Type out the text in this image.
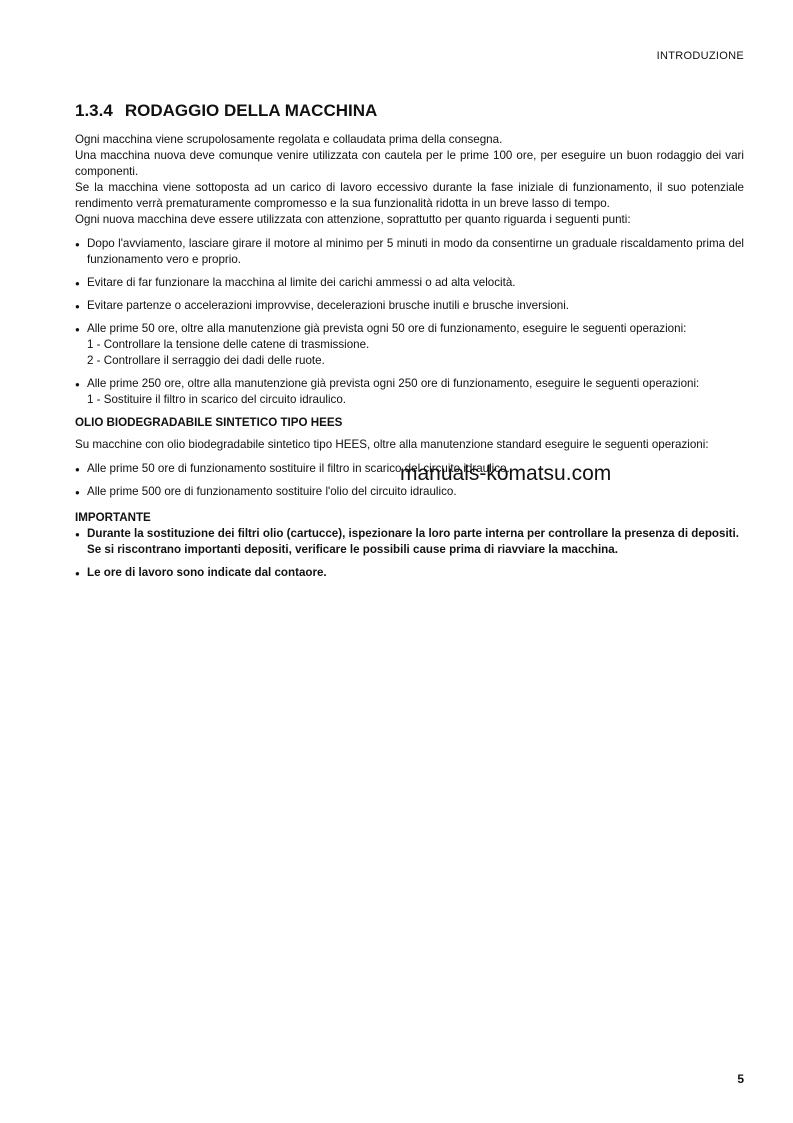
INTRODUZIONE
manuals-komatsu.com
1.3.4 RODAGGIO DELLA MACCHINA

Ogni macchina viene scrupolosamente regolata e collaudata prima della consegna.

Una macchina nuova deve comunque venire utilizzata con cautela per le prime 100 ore, per eseguire un buon rodaggio dei vari componenti.

Se la macchina viene sottoposta ad un carico di lavoro eccessivo durante la fase iniziale di funzionamento, il suo potenziale rendimento verrà prematuramente compromesso e la sua funzionalità ridotta in un breve lasso di tempo.

Ogni nuova macchina deve essere utilizzata con attenzione, soprattutto per quanto riguarda i seguenti punti:

● Dopo l'avviamento, lasciare girare il motore al minimo per 5 minuti in modo da consentirne un graduale riscaldamento prima del funzionamento vero e proprio.
● Evitare di far funzionare la macchina al limite dei carichi ammessi o ad alta velocità.
● Evitare partenze o accelerazioni improvvise, decelerazioni brusche inutili e brusche inversioni.
● Alle prime 50 ore, oltre alla manutenzione già prevista ogni 50 ore di funzionamento, eseguire le seguenti operazioni:
1 - Controllare la tensione delle catene di trasmissione.
2 - Controllare il serraggio dei dadi delle ruote.
● Alle prime 250 ore, oltre alla manutenzione già prevista ogni 250 ore di funzionamento, eseguire le seguenti operazioni:
1 - Sostituire il filtro in scarico del circuito idraulico.
OLIO BIODEGRADABILE SINTETICO TIPO HEES

Su macchine con olio biodegradabile sintetico tipo HEES, oltre alla manutenzione standard eseguire le seguenti operazioni:

● Alle prime 50 ore di funzionamento sostituire il filtro in scarico del circuito idraulico.
● Alle prime 500 ore di funzionamento sostituire l'olio del circuito idraulico.
IMPORTANTE
● Durante la sostituzione dei filtri olio (cartucce), ispezionare la loro parte interna per controllare la presenza di depositi.
Se si riscontrano importanti depositi, verificare le possibili cause prima di riavviare la macchina.
● Le ore di lavoro sono indicate dal contaore.
5
